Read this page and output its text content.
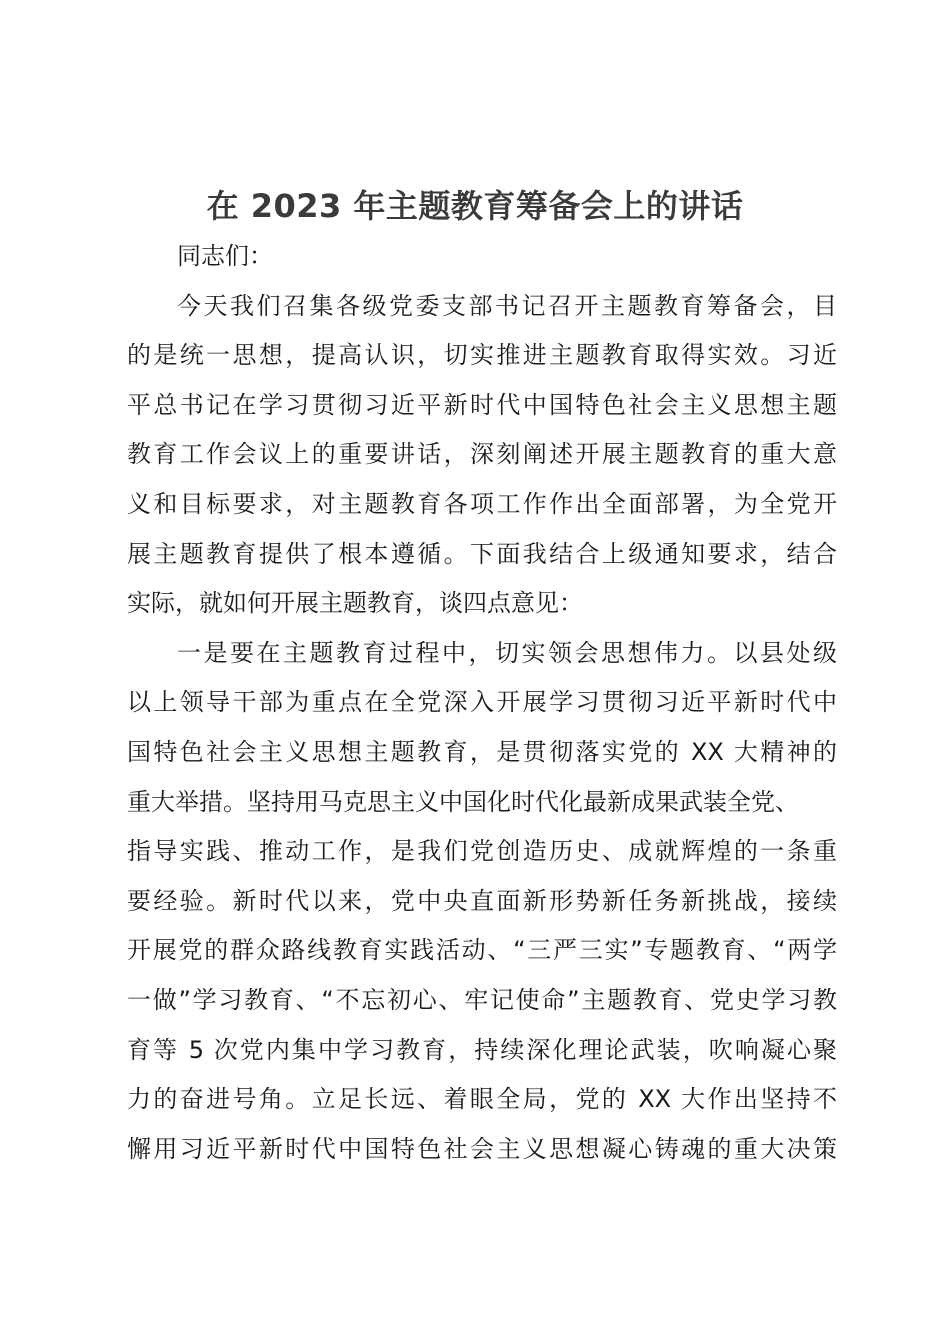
在 2023 年主题教育筹备会上的讲话
同志们：
今天我们召集各级党委支部书记召开主题教育筹备会，目
的是统一思想，提高认识，切实推进主题教育取得实效。习近
平总书记在学习贯彻习近平新时代中国特色社会主义思想主题
教育工作会议上的重要讲话，深刻阐述开展主题教育的重大意
义和目标要求，对主题教育各项工作作出全面部署，为全党开
展主题教育提供了根本遵循。下面我结合上级通知要求，结合
实际，就如何开展主题教育，谈四点意见：
一是要在主题教育过程中，切实领会思想伟力。以县处级
以上领导干部为重点在全党深入开展学习贯彻习近平新时代中
国特色社会主义思想主题教育，是贯彻落实党的 XX 大精神的
重大举措。坚持用马克思主义中国化时代化最新成果武装全党、
指导实践、推动工作，是我们党创造历史、成就辉煌的一条重
要经验。新时代以来，党中央直面新形势新任务新挑战，接续
开展党的群众路线教育实践活动、“三严三实”专题教育、“两学
一做”学习教育、“不忘初心、牢记使命”主题教育、党史学习教
育等 5 次党内集中学习教育，持续深化理论武装，吹响凝心聚
力的奋进号角。立足长远、着眼全局，党的 XX 大作出坚持不
懈用习近平新时代中国特色社会主义思想凝心铸魂的重大决策
